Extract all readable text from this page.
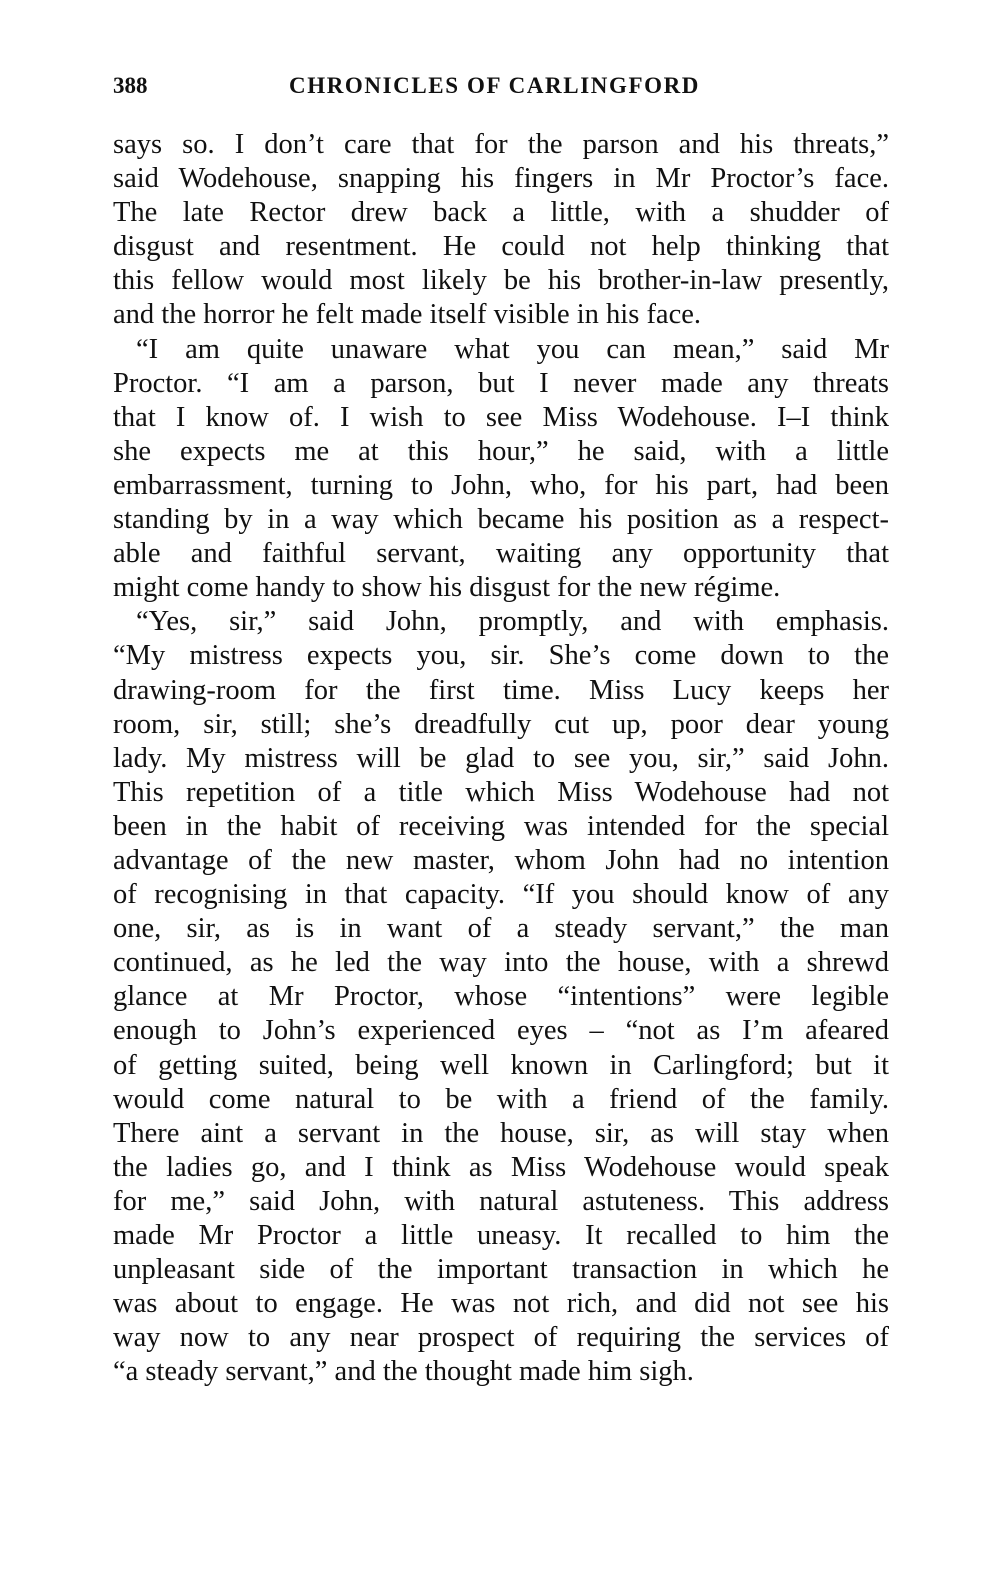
388	CHRONICLES OF CARLINGFORD
says so. I don’t care that for the parson and his threats,”
said Wodehouse, snapping his fingers in Mr Proctor’s face.
The late Rector drew back a little, with a shudder of
disgust and resentment. He could not help thinking that
this fellow would most likely be his brother-in-law presently,
and the horror he felt made itself visible in his face.
“I am quite unaware what you can mean,” said Mr
Proctor. “I am a parson, but I never made any threats
that I know of. I wish to see Miss Wodehouse. I–I think
she expects me at this hour,” he said, with a little
embarrassment, turning to John, who, for his part, had been
standing by in a way which became his position as a respect-
able and faithful servant, waiting any opportunity that
might come handy to show his disgust for the new régime.
“Yes, sir,” said John, promptly, and with emphasis.
“My mistress expects you, sir. She’s come down to the
drawing-room for the first time. Miss Lucy keeps her
room, sir, still; she’s dreadfully cut up, poor dear young
lady. My mistress will be glad to see you, sir,” said John.
This repetition of a title which Miss Wodehouse had not
been in the habit of receiving was intended for the special
advantage of the new master, whom John had no intention
of recognising in that capacity. “If you should know of any
one, sir, as is in want of a steady servant,” the man
continued, as he led the way into the house, with a shrewd
glance at Mr Proctor, whose “intentions” were legible
enough to John’s experienced eyes – “not as I’m afeared
of getting suited, being well known in Carlingford; but it
would come natural to be with a friend of the family.
There aint a servant in the house, sir, as will stay when
the ladies go, and I think as Miss Wodehouse would speak
for me,” said John, with natural astuteness. This address
made Mr Proctor a little uneasy. It recalled to him the
unpleasant side of the important transaction in which he
was about to engage. He was not rich, and did not see his
way now to any near prospect of requiring the services of
“a steady servant,” and the thought made him sigh.
